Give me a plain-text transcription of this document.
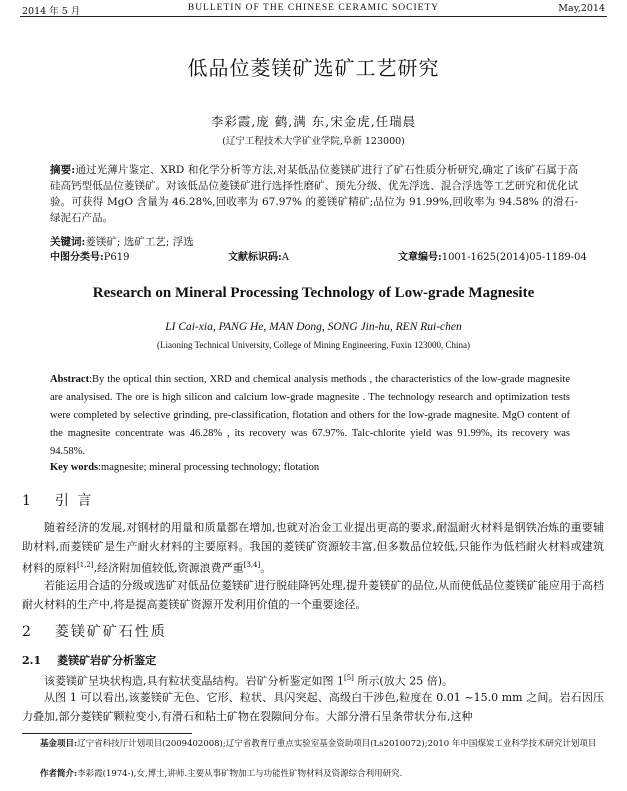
2014 年 5 月	BULLETIN OF THE CHINESE CERAMIC SOCIETY	May,2014
低品位菱镁矿选矿工艺研究
李彩霞,庞 鹤,满 东,宋金虎,任瑞晨
(辽宁工程技术大学矿业学院,阜新 123000)
摘要:通过光薄片鉴定、XRD 和化学分析等方法,对某低品位菱镁矿进行了矿石性质分析研究,确定了该矿石属于高硅高钙型低品位菱镁矿。对该低品位菱镁矿进行选择性磨矿、预先分级、优先浮选、混合浮选等工艺研究和优化试验。可获得 MgO 含量为 46.28%,回收率为 67.97% 的菱镁矿精矿;品位为 91.99%,回收率为 94.58% 的滑石-绿泥石产品。
关键词:菱镁矿; 选矿工艺; 浮选
中图分类号:P619	文献标识码:A	文章编号:1001-1625(2014)05-1189-04
Research on Mineral Processing Technology of Low-grade Magnesite
LI Cai-xia, PANG He, MAN Dong, SONG Jin-hu, REN Rui-chen
(Liaoning Technical University, College of Mining Engineering, Fuxin 123000, China)
Abstract:By the optical thin section, XRD and chemical analysis methods , the characteristics of the low-grade magnesite are analysised. The ore is high silicon and calcium low-grade magnesite . The technology research and optimization tests were completed by selective grinding, pre-classification, flotation and others for the low-grade magnesite. MgO content of the magnesite concentrate was 46.28% , its recovery was 67.97%. Talc-chlorite yield was 91.99%, its recovery was 94.58%.
Key words:magnesite; mineral processing technology; flotation
1 引 言
随着经济的发展,对钢材的用量和质量都在增加,也就对冶金工业提出更高的要求,耐温耐火材料是钢铁冶炼的重要辅助材料,而菱镁矿是生产耐火材料的主要原料。我国的菱镁矿资源较丰富,但多数品位较低,只能作为低档耐火材料或建筑材料的原料[1,2],经济附加值较低,资源浪费严重[3,4]。
若能运用合适的分级或选矿对低品位菱镁矿进行脱硅降钙处理,提升菱镁矿的品位,从而使低品位菱镁矿能应用于高档耐火材料的生产中,将是提高菱镁矿资源开发利用价值的一个重要途径。
2 菱镁矿矿石性质
2.1 菱镁矿岩矿分析鉴定
该菱镁矿呈块状构造,具有粒状变晶结构。岩矿分析鉴定如图 1[5] 所示(放大 25 倍)。
从图 1 可以看出,该菱镁矿无色、它形、粒状、具闪突起、高级白干涉色,粒度在 0.01 ~15.0 mm 之间。岩石因压力叠加,部分菱镁矿颗粒变小,有滑石和粘土矿物在裂隙间分布。大部分滑石呈条带状分布,这种
基金项目:辽宁省科技厅计划项目(2009402008);辽宁省教育厅重点实验室基金资助项目(Ls2010072);2010 年中国煤炭工业科学技术研究计划项目
作者简介:李彩霞(1974-),女,博士,讲师.主要从事矿物加工与功能性矿物材料及资源综合利用研究.
